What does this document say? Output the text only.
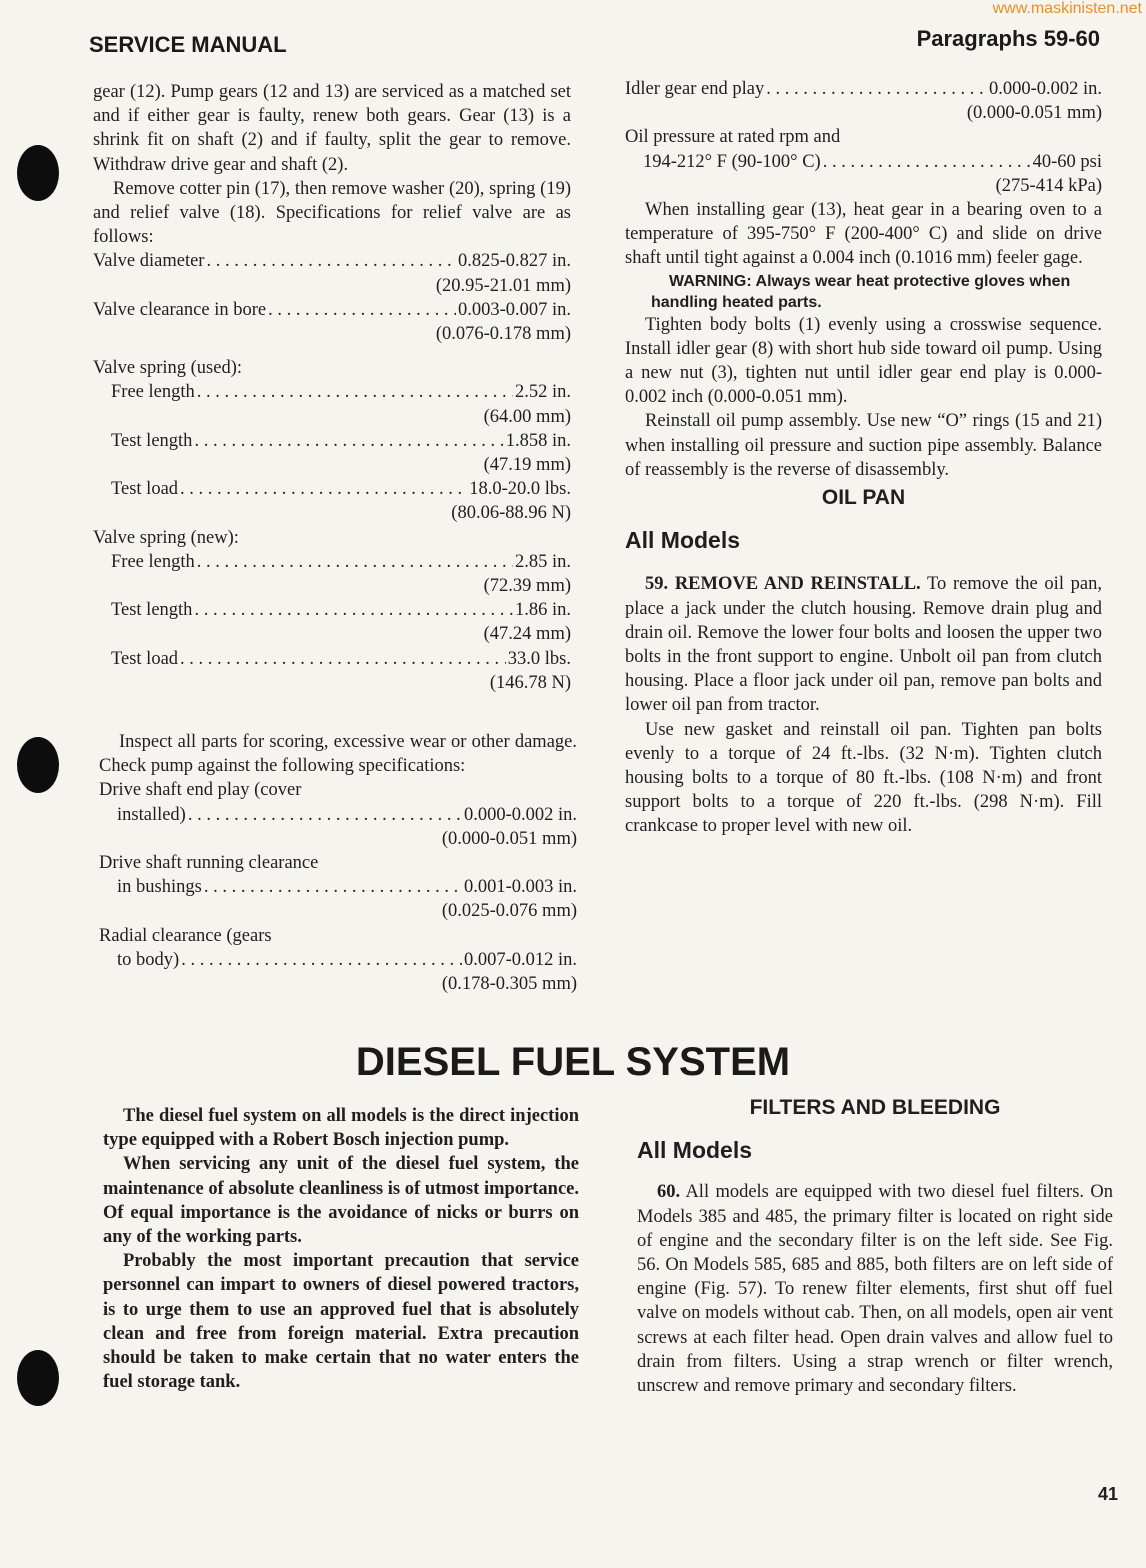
www.maskinisten.net
SERVICE MANUAL	Paragraphs 59-60

gear (12). Pump gears (12 and 13) are serviced as a matched set and if either gear is faulty, renew both gears. Gear (13) is a shrink fit on shaft (2) and if faulty, split the gear to remove. Withdraw drive gear and shaft (2).

Remove cotter pin (17), then remove washer (20), spring (19) and relief valve (18). Specifications for relief valve are as follows:

Valve diameter . . .	0.825-0.827 in.
(20.95-21.01 mm)
Valve clearance in bore . . .	0.003-0.007 in.
(0.076-0.178 mm)
Valve spring (used):
Free length . . .	2.52 in.
(64.00 mm)
Test length . . .	1.858 in.
(47.19 mm)
Test load . . .	18.0-20.0 lbs.
(80.06-88.96 N)
Valve spring (new):
Free length . . .	2.85 in.
(72.39 mm)
Test length . . .	1.86 in.
(47.24 mm)
Test load . . .	33.0 lbs.
(146.78 N)

Inspect all parts for scoring, excessive wear or other damage. Check pump against the following specifications:

Drive shaft end play (cover
installed) . . .	0.000-0.002 in.
(0.000-0.051 mm)
Drive shaft running clearance
in bushings . . .	0.001-0.003 in.
(0.025-0.076 mm)
Radial clearance (gears
to body) . . .	0.007-0.012 in.
(0.178-0.305 mm)
Idler gear end play . . .	0.000-0.002 in.
(0.000-0.051 mm)
Oil pressure at rated rpm and
194-212° F (90-100° C) . . .	40-60 psi
(275-414 kPa)

When installing gear (13), heat gear in a bearing oven to a temperature of 395-750° F (200-400° C) and slide on drive shaft until tight against a 0.004 inch (0.1016 mm) feeler gage.

WARNING: Always wear heat protective gloves when handling heated parts.

Tighten body bolts (1) evenly using a crosswise sequence. Install idler gear (8) with short hub side toward oil pump. Using a new nut (3), tighten nut until idler gear end play is 0.000-0.002 inch (0.000-0.051 mm).

Reinstall oil pump assembly. Use new “O” rings (15 and 21) when installing oil pressure and suction pipe assembly. Balance of reassembly is the reverse of disassembly.

OIL PAN
All Models

59. REMOVE AND REINSTALL. To remove the oil pan, place a jack under the clutch housing. Remove drain plug and drain oil. Remove the lower four bolts and loosen the upper two bolts in the front support to engine. Unbolt oil pan from clutch housing. Place a floor jack under oil pan, remove pan bolts and lower oil pan from tractor.

Use new gasket and reinstall oil pan. Tighten pan bolts evenly to a torque of 24 ft.-lbs. (32 N·m). Tighten clutch housing bolts to a torque of 80 ft.-lbs. (108 N·m) and front support bolts to a torque of 220 ft.-lbs. (298 N·m). Fill crankcase to proper level with new oil.

DIESEL FUEL SYSTEM

The diesel fuel system on all models is the direct injection type equipped with a Robert Bosch injection pump.

When servicing any unit of the diesel fuel system, the maintenance of absolute cleanliness is of utmost importance. Of equal importance is the avoidance of nicks or burrs on any of the working parts.

Probably the most important precaution that service personnel can impart to owners of diesel powered tractors, is to urge them to use an approved fuel that is absolutely clean and free from foreign material. Extra precaution should be taken to make certain that no water enters the fuel storage tank.

FILTERS AND BLEEDING
All Models

60. All models are equipped with two diesel fuel filters. On Models 385 and 485, the primary filter is located on right side of engine and the secondary filter is on the left side. See Fig. 56. On Models 585, 685 and 885, both filters are on left side of engine (Fig. 57). To renew filter elements, first shut off fuel valve on models without cab. Then, on all models, open air vent screws at each filter head. Open drain valves and allow fuel to drain from filters. Using a strap wrench or filter wrench, unscrew and remove primary and secondary filters.

41
